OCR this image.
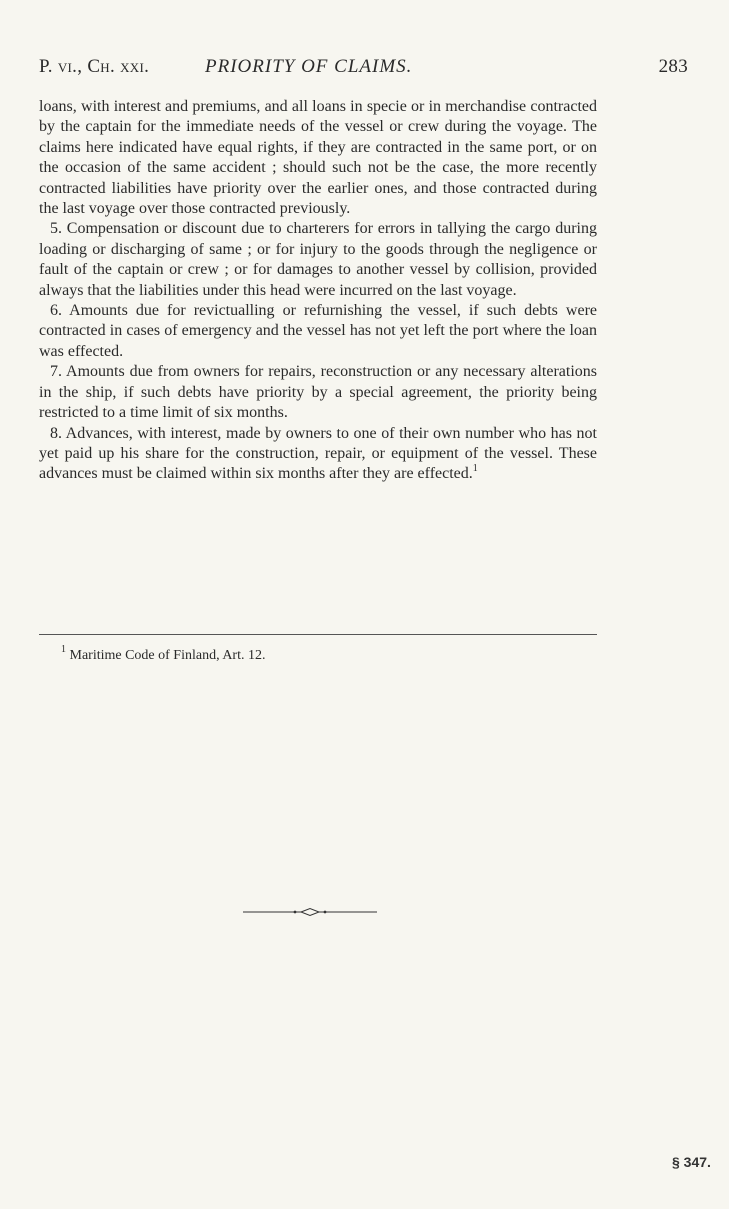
P. vi., Ch. xxi.	PRIORITY OF CLAIMS.	283

loans, with interest and premiums, and all loans in specie or in merchandise contracted by the captain for the immediate needs of the vessel or crew during the voyage. The claims here indicated have equal rights, if they are contracted in the same port, or on the occasion of the same accident ; should such not be the case, the more recently contracted liabilities have priority over the earlier ones, and those contracted during the last voyage over those contracted previously.

5. Compensation or discount due to charterers for errors in tallying the cargo during loading or discharging of same ; or for injury to the goods through the negligence or fault of the captain or crew ; or for damages to another vessel by collision, provided always that the liabilities under this head were incurred on the last voyage.

6. Amounts due for revictualling or refurnishing the vessel, if such debts were contracted in cases of emergency and the vessel has not yet left the port where the loan was effected.

7. Amounts due from owners for repairs, reconstruction or any necessary alterations in the ship, if such debts have priority by a special agreement, the priority being restricted to a time limit of six months.

8. Advances, with interest, made by owners to one of their own number who has not yet paid up his share for the construction, repair, or equipment of the vessel. These advances must be claimed within six months after they are effected.$^1$

$^1$ Maritime Code of Finland, Art. 12.
§ 347.
